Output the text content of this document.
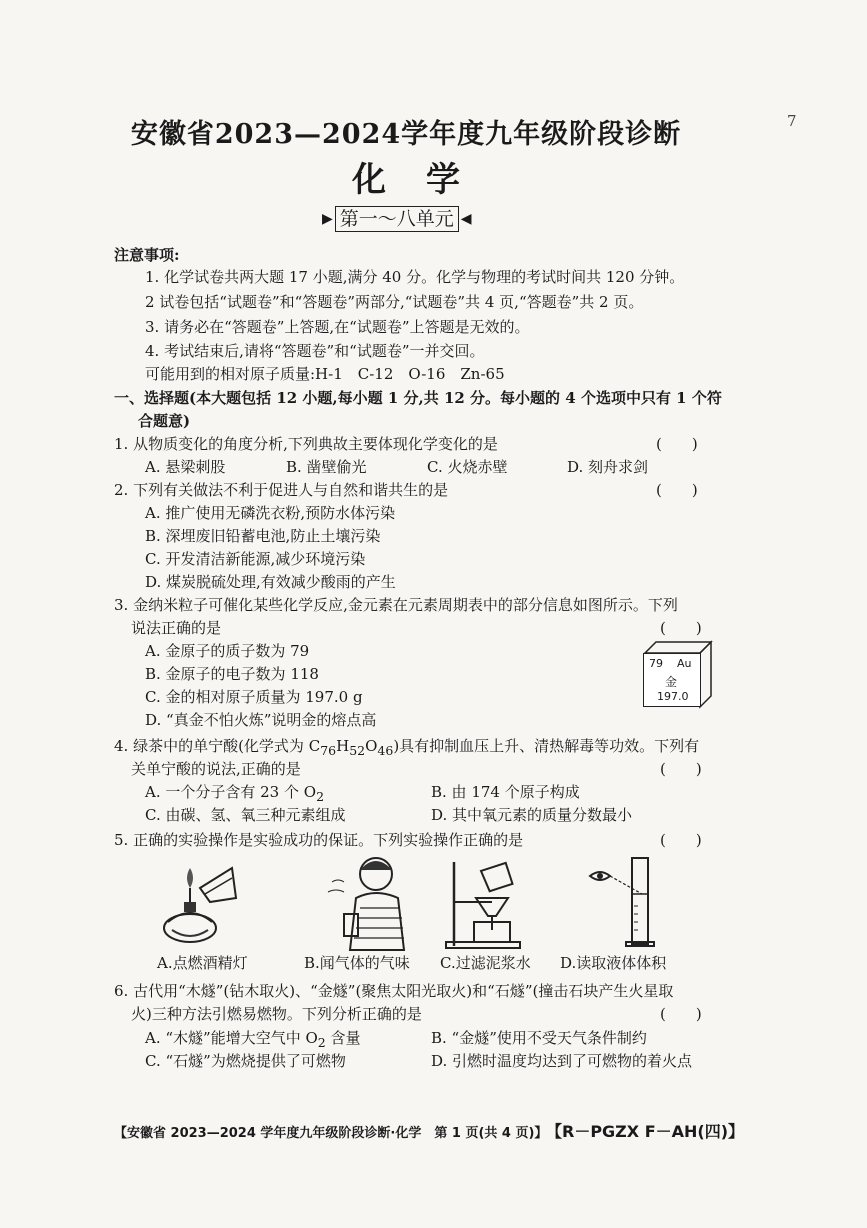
7
安徽省2023—2024学年度九年级阶段诊断
化学
▶ 第一～八单元 ◀
注意事项:
1. 化学试卷共两大题 17 小题,满分 40 分。化学与物理的考试时间共 120 分钟。
2 试卷包括“试题卷”和“答题卷”两部分,“试题卷”共 4 页,“答题卷”共 2 页。
3. 请务必在“答题卷”上答题,在“试题卷”上答题是无效的。
4. 考试结束后,请将“答题卷”和“试题卷”一并交回。
可能用到的相对原子质量:H-1　C-12　O-16　Zn-65
一、选择题(本大题包括 12 小题,每小题 1 分,共 12 分。每小题的 4 个选项中只有 1 个符
合题意)
1. 从物质变化的角度分析,下列典故主要体现化学变化的是	(　　)
A. 悬梁刺股	B. 凿壁偷光	C. 火烧赤壁	D. 刻舟求剑
2. 下列有关做法不利于促进人与自然和谐共生的是	(　　)
A. 推广使用无磷洗衣粉,预防水体污染
B. 深埋废旧铅蓄电池,防止土壤污染
C. 开发清洁新能源,减少环境污染
D. 煤炭脱硫处理,有效减少酸雨的产生
3. 金纳米粒子可催化某些化学反应,金元素在元素周期表中的部分信息如图所示。下列
说法正确的是	(　　)
A. 金原子的质子数为 79
B. 金原子的电子数为 118
C. 金的相对原子质量为 197.0 g
D. “真金不怕火炼”说明金的熔点高
79 Au
金
197.0
4. 绿茶中的单宁酸(化学式为 $C_{76}H_{52}O_{46}$)具有抑制血压上升、清热解毒等功效。下列有
关单宁酸的说法,正确的是	(　　)
A. 一个分子含有 23 个 $O_2$	B. 由 174 个原子构成
C. 由碳、氢、氧三种元素组成	D. 其中氧元素的质量分数最小
5. 正确的实验操作是实验成功的保证。下列实验操作正确的是	(　　)
A.点燃酒精灯	B.闻气体的气味 C.过滤泥浆水 D.读取液体体积
6. 古代用“木燧”(钻木取火)、“金燧”(聚焦太阳光取火)和“石燧”(撞击石块产生火星取
火)三种方法引燃易燃物。下列分析正确的是	(　　)
A. “木燧”能增大空气中 $O_2$ 含量	B. “金燧”使用不受天气条件制约
C. “石燧”为燃烧提供了可燃物	D. 引燃时温度均达到了可燃物的着火点
【安徽省 2023—2024 学年度九年级阶段诊断·化学　第 1 页(共 4 页)】
【R－PGZX F－AH(四)】
